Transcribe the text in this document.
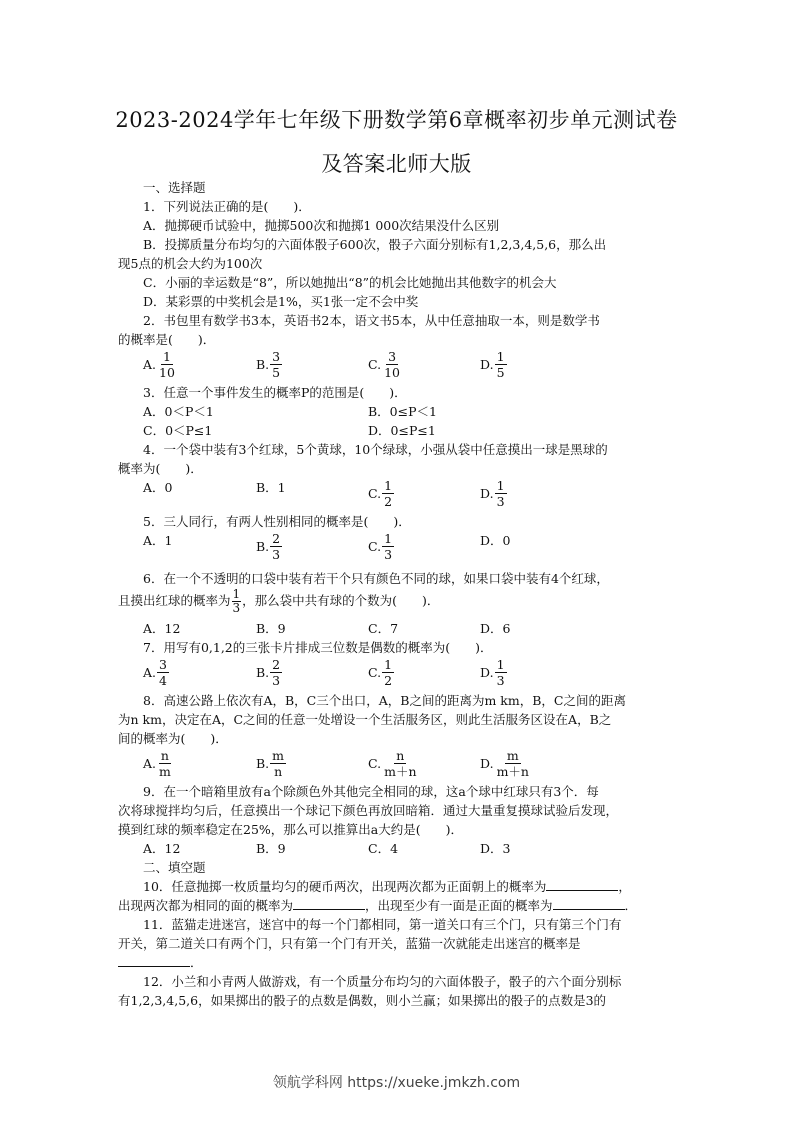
2023-2024学年七年级下册数学第6章概率初步单元测试卷
及答案北师大版

一、选择题

1．下列说法正确的是(　　)．

A．抛掷硬币试验中，抛掷500次和抛掷1 000次结果没什么区别

B．投掷质量分布均匀的六面体骰子600次，骰子六面分别标有1,2,3,4,5,6，那么出

现5点的机会大约为100次

C．小丽的幸运数是“8”，所以她抛出“8”的机会比她抛出其他数字的机会大

D．某彩票的中奖机会是1%，买1张一定不会中奖

2．书包里有数学书3本，英语书2本，语文书5本，从中任意抽取一本，则是数学书

的概率是(　　)．

A. $\frac{1}{10}$	B. $\frac{3}{5}$	C. $\frac{3}{10}$	D. $\frac{1}{5}$

3．任意一个事件发生的概率P的范围是(　　)．

A．0＜P＜1	B．0≤P＜1
C．0＜P≤1	D．0≤P≤1

4．一个袋中装有3个红球，5个黄球，10个绿球，小强从袋中任意摸出一球是黑球的

概率为(　　)．

A．0	B．1	C. $\frac{1}{2}$	D. $\frac{1}{3}$

5．三人同行，有两人性别相同的概率是(　　)．

A．1	B. $\frac{2}{3}$	C. $\frac{1}{3}$	D．0

6．在一个不透明的口袋中装有若干个只有颜色不同的球，如果口袋中装有4个红球，

且摸出红球的概率为 $\frac{1}{3}$ ，那么袋中共有球的个数为(　　)．

A．12	B．9	C．7	D．6

7．用写有0,1,2的三张卡片排成三位数是偶数的概率为(　　)．

A. $\frac{3}{4}$	B. $\frac{2}{3}$	C. $\frac{1}{2}$	D. $\frac{1}{3}$

8．高速公路上依次有A，B，C三个出口，A，B之间的距离为m km，B，C之间的距离

为n km，决定在A，C之间的任意一处增设一个生活服务区，则此生活服务区设在A，B之

间的概率为(　　)．

A. $\frac{n}{m}$	B. $\frac{m}{n}$	C. $\frac{n}{m+n}$	D. $\frac{m}{m+n}$

9．在一个暗箱里放有a个除颜色外其他完全相同的球，这a个球中红球只有3个．每

次将球搅拌均匀后，任意摸出一个球记下颜色再放回暗箱．通过大量重复摸球试验后发现，

摸到红球的频率稳定在25%，那么可以推算出a大约是(　　)．

A．12	B．9	C．4	D．3

二、填空题

10．任意抛掷一枚质量均匀的硬币两次，出现两次都为正面朝上的概率为	，

出现两次都为相同的面的概率为	，出现至少有一面是正面的概率为	．

11．蓝猫走进迷宫，迷宫中的每一个门都相同，第一道关口有三个门，只有第三个门有

开关，第二道关口有两个门，只有第一个门有开关，蓝猫一次就能走出迷宫的概率是

．

12．小兰和小青两人做游戏，有一个质量分布均匀的六面体骰子，骰子的六个面分别标

有1,2,3,4,5,6，如果掷出的骰子的点数是偶数，则小兰赢；如果掷出的骰子的点数是3的

领航学科网 https://xueke.jmkzh.com
